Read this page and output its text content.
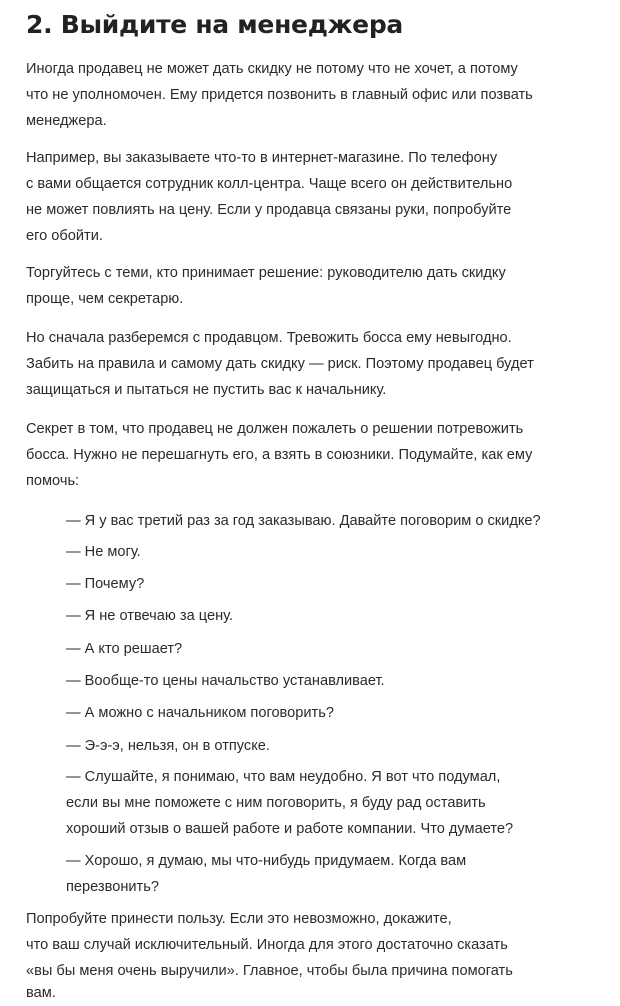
2. Выйдите на менеджера

Иногда продавец не может дать скидку не потому что не хочет, а потому

что не уполномочен. Ему придется позвонить в главный офис или позвать

менеджера.

Например, вы заказываете что-то в интернет-магазине. По телефону

с вами общается сотрудник колл-центра. Чаще всего он действительно

не может повлиять на цену. Если у продавца связаны руки, попробуйте

его обойти.

Торгуйтесь с теми, кто принимает решение: руководителю дать скидку

проще, чем секретарю.

Но сначала разберемся с продавцом. Тревожить босса ему невыгодно.

Забить на правила и самому дать скидку — риск. Поэтому продавец будет

защищаться и пытаться не пустить вас к начальнику.

Секрет в том, что продавец не должен пожалеть о решении потревожить

босса. Нужно не перешагнуть его, а взять в союзники. Подумайте, как ему

помочь:

— Я у вас третий раз за год заказываю. Давайте поговорим о скидке?

— Не могу.

— Почему?

— Я не отвечаю за цену.

— А кто решает?

— Вообще-то цены начальство устанавливает.

— А можно с начальником поговорить?

— Э-э-э, нельзя, он в отпуске.

— Слушайте, я понимаю, что вам неудобно. Я вот что подумал,

если вы мне поможете с ним поговорить, я буду рад оставить

хороший отзыв о вашей работе и работе компании. Что думаете?

— Хорошо, я думаю, мы что-нибудь придумаем. Когда вам

перезвонить?

Попробуйте принести пользу. Если это невозможно, докажите,

что ваш случай исключительный. Иногда для этого достаточно сказать

«вы бы меня очень выручили». Главное, чтобы была причина помогать

вам.
